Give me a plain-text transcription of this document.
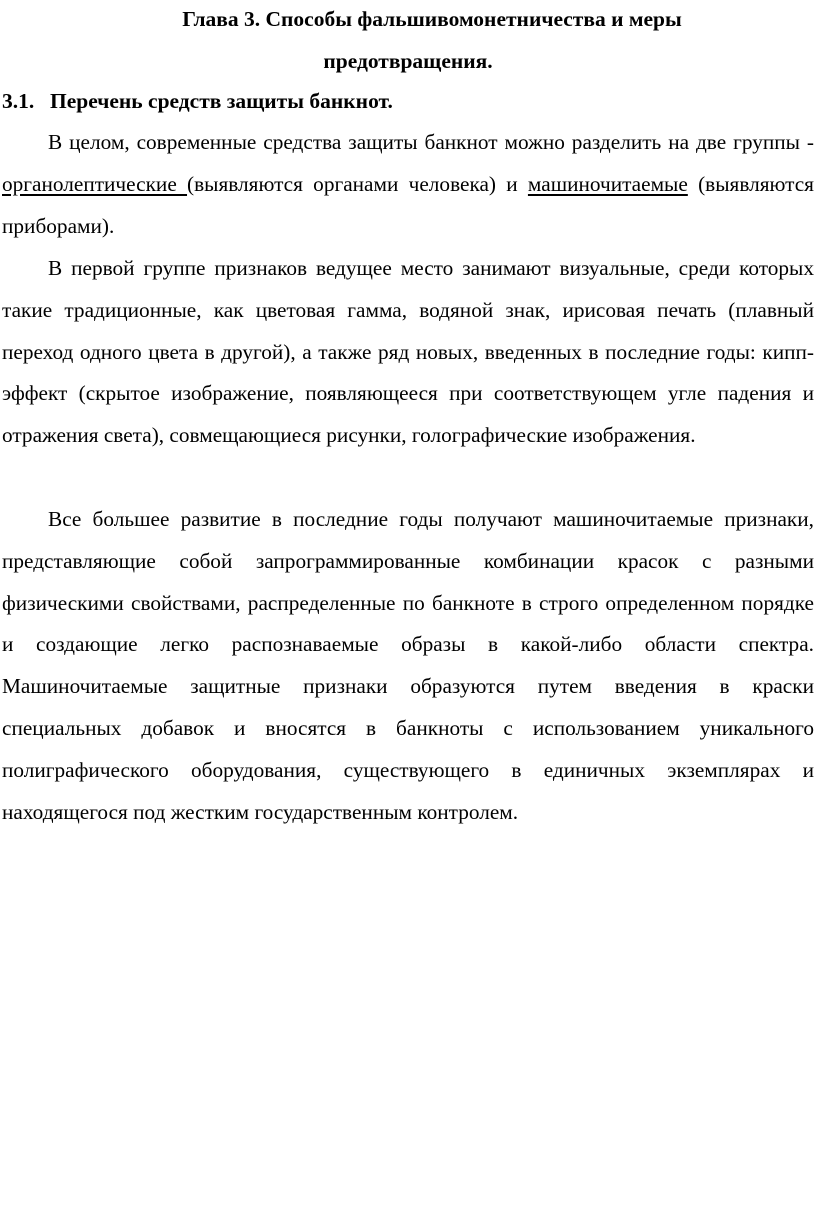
Глава 3. Способы фальшивомонетничества и меры
предотвращения.
3.1. Перечень средств защиты банкнот.

В целом, современные средства защиты банкнот можно разделить на две группы - органолептические (выявляются органами человека) и машиночитаемые (выявляются приборами).

В первой группе признаков ведущее место занимают визуальные, среди которых такие традиционные, как цветовая гамма, водяной знак, ирисовая печать (плавный переход одного цвета в другой), а также ряд новых, введенных в последние годы: кипп-эффект (скрытое изображение, появляющееся при соответствующем угле падения и отражения света), совмещающиеся рисунки, голографические изображения.

Все большее развитие в последние годы получают машиночитаемые признаки, представляющие собой запрограммированные комбинации красок с разными физическими свойствами, распределенные по банкноте в строго определенном порядке и создающие легко распознаваемые образы в какой-либо области спектра. Машиночитаемые защитные признаки образуются путем введения в краски специальных добавок и вносятся в банкноты с использованием уникального полиграфического оборудования, существующего в единичных экземплярах и находящегося под жестким государственным контролем.
